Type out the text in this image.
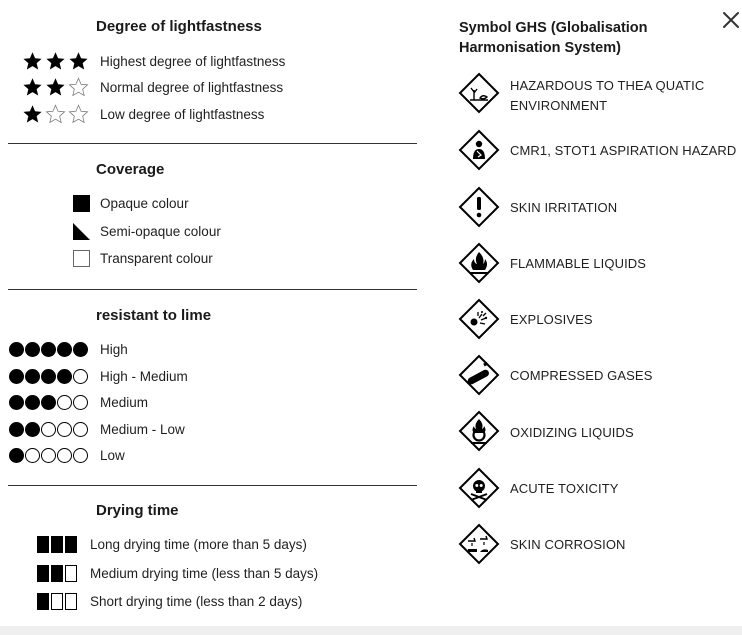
Degree of lightfastness
Highest degree of lightfastness
Normal degree of lightfastness
Low degree of lightfastness
Coverage
Opaque colour
Semi-opaque colour
Transparent colour
resistant to lime
High
High - Medium
Medium
Medium - Low
Low
Drying time
Long drying time (more than 5 days)
Medium drying time (less than 5 days)
Short drying time (less than 2 days)
Symbol GHS (Globalisation Harmonisation System)
HAZARDOUS TO THEA QUATIC ENVIRONMENT
CMR1, STOT1 ASPIRATION HAZARD
SKIN IRRITATION
FLAMMABLE LIQUIDS
EXPLOSIVES
COMPRESSED GASES
OXIDIZING LIQUIDS
ACUTE TOXICITY
SKIN CORROSION
